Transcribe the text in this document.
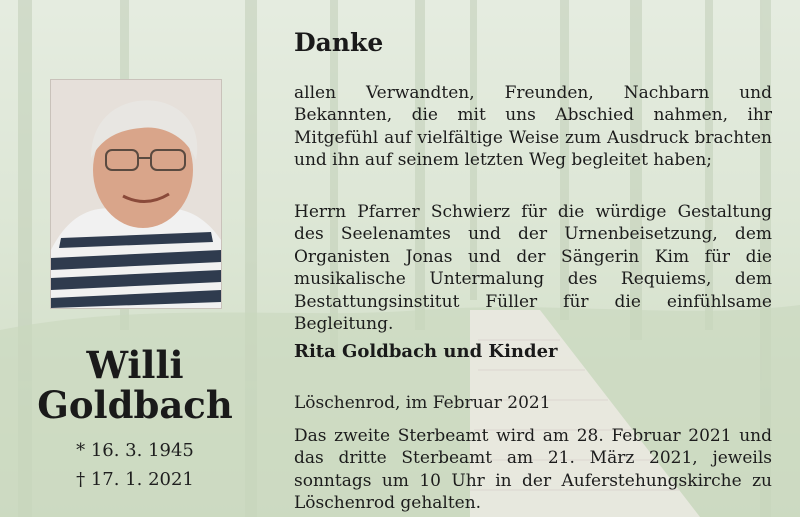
Willi
Goldbach
* 16. 3. 1945
† 17. 1. 2021
Danke
allen Verwandten, Freunden, Nachbarn und Bekannten, die mit uns Abschied nahmen, ihr Mitgefühl auf vielfältige Weise zum Ausdruck brachten und ihn auf seinem letzten Weg begleitet haben;
Herrn Pfarrer Schwierz für die würdige Gestaltung des Seelenamtes und der Urnenbeisetzung, dem Organisten Jonas und der Sängerin Kim für die musikalische Untermalung des Requiems, dem Bestattungsinstitut Füller für die einfühlsame Begleitung.
Rita Goldbach und Kinder
Löschenrod, im Februar 2021
Das zweite Sterbeamt wird am 28. Februar 2021 und das dritte Sterbeamt am 21. März 2021, jeweils sonntags um 10 Uhr in der Auferstehungskirche zu Löschenrod gehalten.
